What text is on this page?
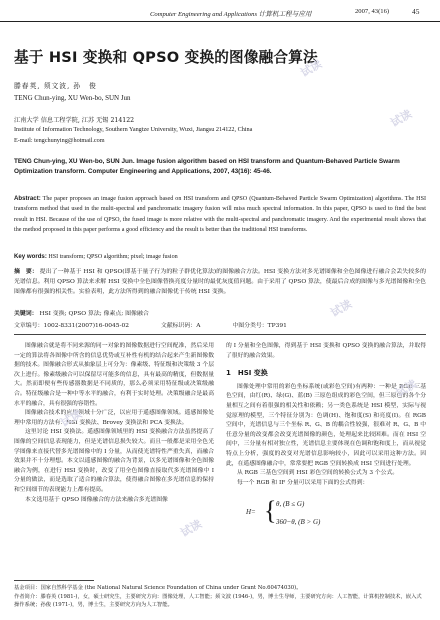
Computer Engineering and Applications 计算机工程与应用	2007, 43(16)	45
基于 HSI 变换和 QPSO 变换的图像融合算法
滕春英, 须文波, 孙　俊
TENG Chun-ying, XU Wen-bo, SUN Jun
江南大学 信息工程学院, 江苏 无锡 214122
Institute of Information Technology, Southern Yangtze University, Wuxi, Jiangsu 214122, China
E-mail: tengchunying@hotmail.com
TENG Chun-ying, XU Wen-bo, SUN Jun. Image fusion algorithm based on HSI transform and Quantum-Behaved Particle Swarm Optimization transform. Computer Engineering and Applications, 2007, 43(16): 45-46.
Abstract: The paper proposes an image fusion approach based on HSI transform and QPSO (Quantum-Behaved Particle Swarm Optimization) algorithms. The HSI transform method that used in the multi-spectral and panchromatic imagery fusion will miss much spectral information. In this paper, QPSO is used to find the best result in HSI. Because of the use of QPSO, the fused image is more relative with the multi-spectral and panchromatic imagery. And the experimental result shows that the method proposed in this paper performs a good efficiency and the result is better than the traditional HSI transforms.
Key words: HSI transform; QPSO algorithm; pixel; image fusion
摘　要： 提出了一种基于 HSI 和 QPSO(即基于量子行为的粒子群优化算法)的图像融合方法。HSI 变换方法对多光谱图像和全色图像进行融合会丢失较多的光谱信息。利用 QPSO 算法来求解 HSI 变换中全色图像替换亮度分量时的最优灰度值问题。由于采用了 QPSO 算法，使最后合成的图像与多光谱图像和全色图像都有很强的相关性。实验表明，此方法所得到的融合图像优于传统 HSI 变换。
关键词： HSI 变换; QPSO 算法; 像素点; 图像融合
文章编号：1002-8331(2007)16-0045-02	文献标识码：A	中图分类号：TP391

图像融合就是将不同来源的同一对象的图像数据进行空间配准，然后采用一定的算法将各图像中所含的信息优势或互补性有机的结合起来产生新图像数据的技术。图像融合形式从抽象层上可分为：像素级、特征级和决策级 3 个层次上进行。像素级融合可以保留尽可能多的信息，具有最高的精度，但数据量大。然而即便有些传感器数据是不同质的，那么必须采用特征级或决策级融合。特征级融合是一种中等水平的融合，有利于实时处理。决策级融合是最高水平的融合，具有很强的容错性。

图像融合技术的应用领域十分广泛，以应用于遥感图像领域。遥感图像处理中常用的方法有：HSI 变换法、Brovey 变换法和 PCA 变换法。

这里讨论 HSI 变换法。遥感图像领域里的 HSI 变换融合方法虽然提高了图像的空间信息表现能力，但是光谱信息损失较大。而且一般都是采用全色光学图像来直接代替多光谱图像中的 I 分量，从而使光谱特性严重失真，而融合效果并不十分理想。本文以遥感图像的融合为背景，以多光谱图像和全色图像融合为例，在进行 HSI 变换时，改变了用全色图像直接取代多光谱图像中 I 分量的做法，而是选取了适合的融合算法，使得融合图像在多光谱信息的保持和空间细节的表现能力上都有提高。

本文选用基于 QPSO 图像融合的方法来融合多光谱图像

的 I 分量和全色图像，得到基于 HSI 变换和 QPSO 变换的融合算法，并取得了很好的融合效果。

1　HSI 变换

图像处理中常用的彩色坐标系统(或彩色空间)有两种：一种是 RGB 三基色空间，由红(R)、绿(G)、蓝(B) 三原色组成的彩色空间，但三原色的各个分量相互之间有着很强的相关性和依赖；另一类色系统是 HSI 模型，实际与视觉原理的模型，三个特征分别为：色调(H)、饱和度(S) 和亮度(I)。在 RGB 空间中，光谱信息与三个坐标 R、G、B 的耦合性较强，很难对 R、G、B 中任意分量的改变都会改变光谱图像的颜色，处理起来比较困难。而在 HSI 空间中，三分量有相对独立性，光谱信息主要体现在色调和饱和度上，而从视觉特点上分析，强度的改变对光谱信息影响较小，因此可以采用这种方法。因此，在遥感图像融合中，常常要把 RGB 空间转换成 HSI 空间进行处理。

从 RGB 三基色空间到 HSI 彩色空间的转换公式为 3 个公式。

每一个 RGB 和 IF 分量可以采用下面的公式得到：

H= { θ, (B ≤ G)
360−θ, (B > G)
基金项目：国家自然科学基金 (the National Natural Science Foundation of China under Grant No.60474030)。
作者简介：滕春英 (1981-)，女，硕士研究生，主要研究方向：图像处理，人工智能；须文波 (1946-)，男，博士生导师，主要研究方向：人工智能，计算机控制技术，嵌入式操作系统；孙俊 (1971-)，男，博士生，主要研究方向为人工智能。
试读
试读
试读
试读
试读
试读
